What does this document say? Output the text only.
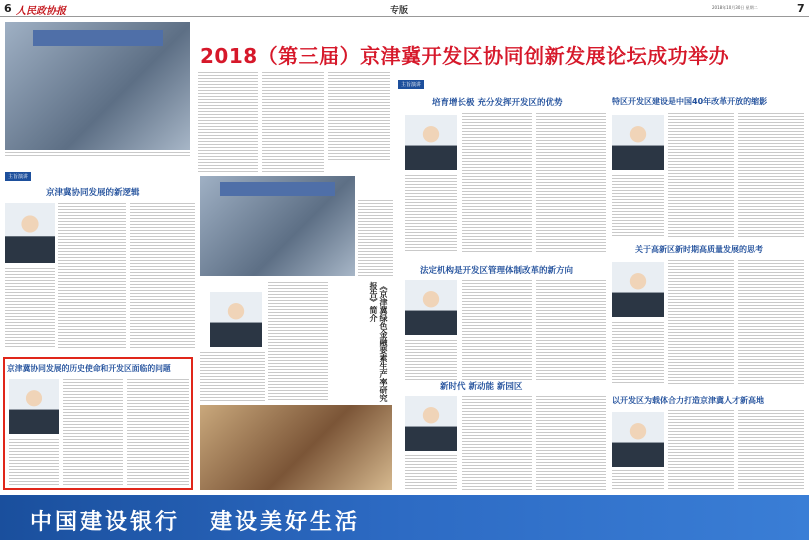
6 人民政协报	专版	2018年10月30日 星期二	7
2018（第三届）京津冀开发区协同创新发展论坛成功举办
主旨演讲
主旨演讲
京津冀协同发展的新逻辑
京津冀协同发展的历史使命和开发区面临的问题	《京津冀绿色金融要素生产率研究报告》简介
培育增长极 充分发挥开发区的优势
法定机构是开发区管理体制改革的新方向
新时代 新动能 新园区
特区开发区建设是中国40年改革开放的缩影
关于高新区新时期高质量发展的思考
以开发区为载体合力打造京津冀人才新高地
中国建设银行 建设美好生活
